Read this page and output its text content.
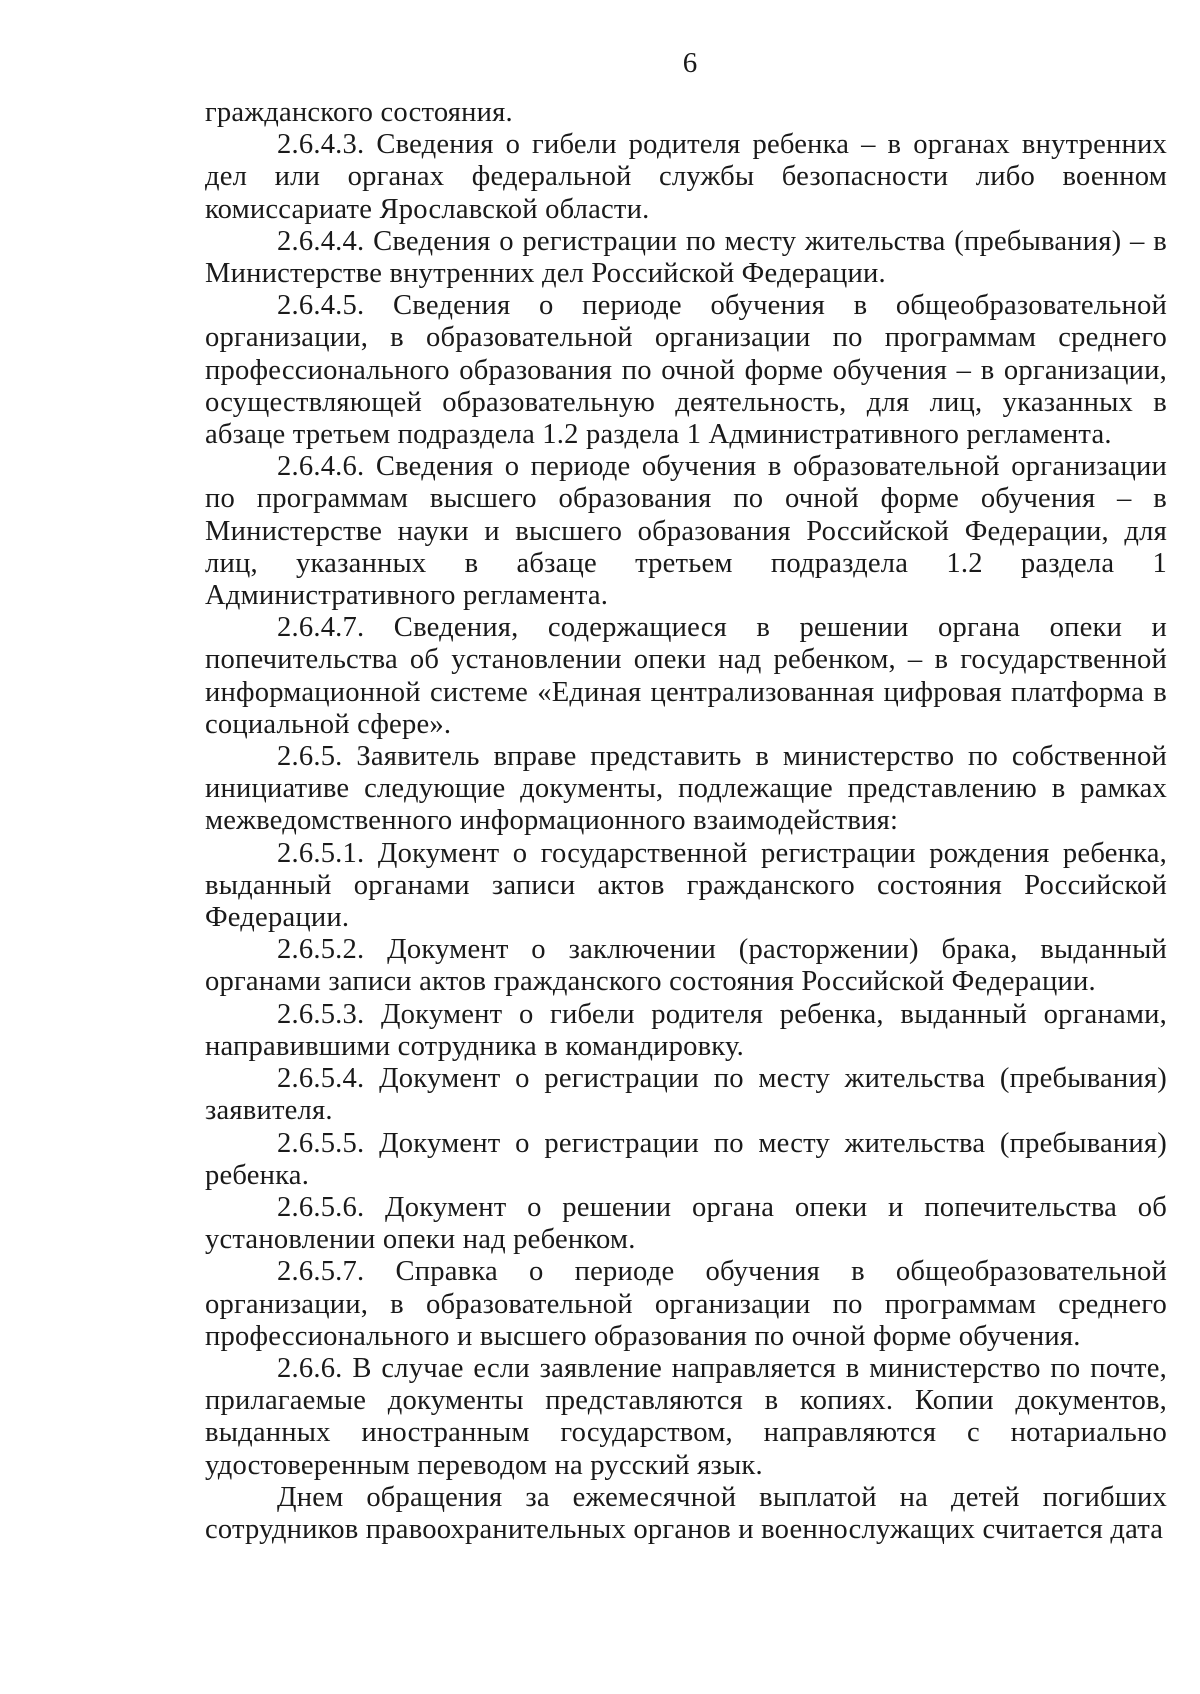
6

гражданского состояния.

2.6.4.3. Сведения о гибели родителя ребенка – в органах внутренних дел или органах федеральной службы безопасности либо военном комиссариате Ярославской области.

2.6.4.4. Сведения о регистрации по месту жительства (пребывания) – в Министерстве внутренних дел Российской Федерации.

2.6.4.5. Сведения о периоде обучения в общеобразовательной организации, в образовательной организации по программам среднего профессионального образования по очной форме обучения – в организации, осуществляющей образовательную деятельность, для лиц, указанных в абзаце третьем подраздела 1.2 раздела 1 Административного регламента.

2.6.4.6. Сведения о периоде обучения в образовательной организации по программам высшего образования по очной форме обучения – в Министерстве науки и высшего образования Российской Федерации, для лиц, указанных в абзаце третьем подраздела 1.2 раздела 1 Административного регламента.

2.6.4.7. Сведения, содержащиеся в решении органа опеки и попечительства об установлении опеки над ребенком, – в государственной информационной системе «Единая централизованная цифровая платформа в социальной сфере».

2.6.5. Заявитель вправе представить в министерство по собственной инициативе следующие документы, подлежащие представлению в рамках межведомственного информационного взаимодействия:

2.6.5.1. Документ о государственной регистрации рождения ребенка, выданный органами записи актов гражданского состояния Российской Федерации.

2.6.5.2. Документ о заключении (расторжении) брака, выданный органами записи актов гражданского состояния Российской Федерации.

2.6.5.3. Документ о гибели родителя ребенка, выданный органами, направившими сотрудника в командировку.

2.6.5.4. Документ о регистрации по месту жительства (пребывания) заявителя.

2.6.5.5. Документ о регистрации по месту жительства (пребывания) ребенка.

2.6.5.6. Документ о решении органа опеки и попечительства об установлении опеки над ребенком.

2.6.5.7. Справка о периоде обучения в общеобразовательной организации, в образовательной организации по программам среднего профессионального и высшего образования по очной форме обучения.

2.6.6. В случае если заявление направляется в министерство по почте, прилагаемые документы представляются в копиях. Копии документов, выданных иностранным государством, направляются с нотариально удостоверенным переводом на русский язык.

Днем обращения за ежемесячной выплатой на детей погибших сотрудников правоохранительных органов и военнослужащих считается дата
